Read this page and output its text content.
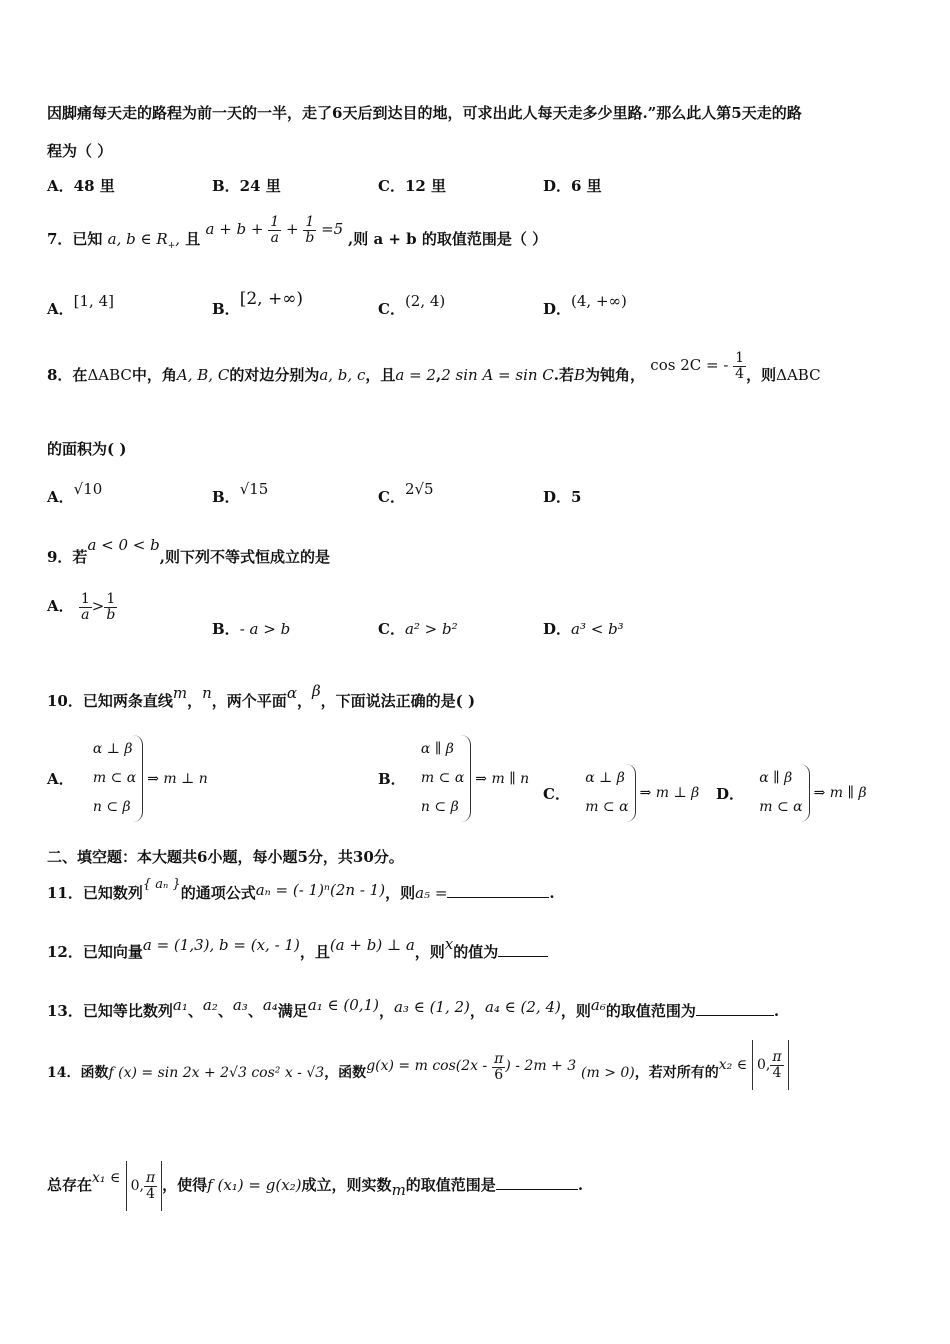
因脚痛每天走的路程为前一天的一半，走了6天后到达目的地，可求出此人每天走多少里路.”那么此人第5天走的路
程为（ ）
A．48 里	B．24 里	C．12 里	D．6 里
7．已知 a, b ∈ $R_+$, 且 $a + b + \frac{1}{a} + \frac{1}{b} =5$ ,则 a + b 的取值范围是（ ）
A．[1, 4]	B．[2, +∞)	C．(2, 4)	D．(4, +∞)
8．在ΔABC中，角A, B, C的对边分别为a, b, c，且a = 2,2 sin A = sin C.若B为钝角， cos 2C = - $\frac{1}{4}$ ，则ΔABC
的面积为( )
A．√10	B．√15	C．2√5	D．5
9．若a < 0 < b,则下列不等式恒成立的是
A． $\frac{1}{a} > \frac{1}{b}$
B．- a > b	C．a² > b²	D．a³ < b³
10．已知两条直线m，n，两个平面α，β，下面说法正确的是( )
A．
α ⊥ β
m ⊂ α
n ⊂ β
⇒ m ⊥ n	B．
α ∥ β
m ⊂ α
n ⊂ β
⇒ m ∥ n
C．
α ⊥ β
m ⊂ α
⇒ m ⊥ β D．
α ∥ β
m ⊂ α
⇒ m ∥ β
二、填空题：本大题共6小题，每小题5分，共30分。
11．已知数列{ aₙ }的通项公式aₙ = (- 1)ⁿ(2n - 1)，则a₅ =	.
12．已知向量a = (1,3), b = (x, - 1)，且(a + b) ⊥ a，则x的值为
13．已知等比数列a₁、a₂、a₃、a₄满足a₁ ∈ (0,1)，a₃ ∈ (1, 2)，a₄ ∈ (2, 4)，则a₆的取值范围为	.
14．函数f (x) = sin 2x + 2√3 cos² x - √3，函数g(x) = m $\cos(2x - \frac{\pi}{6}$ ) - 2m + 3 (m > 0)，若对所有的x₂ ∈ 0, $\frac{\pi}{4}$
总存在x₁ ∈ 0, $\frac{\pi}{4}$ ，使得f (x₁) = g(x₂)成立，则实数m的取值范围是	.
